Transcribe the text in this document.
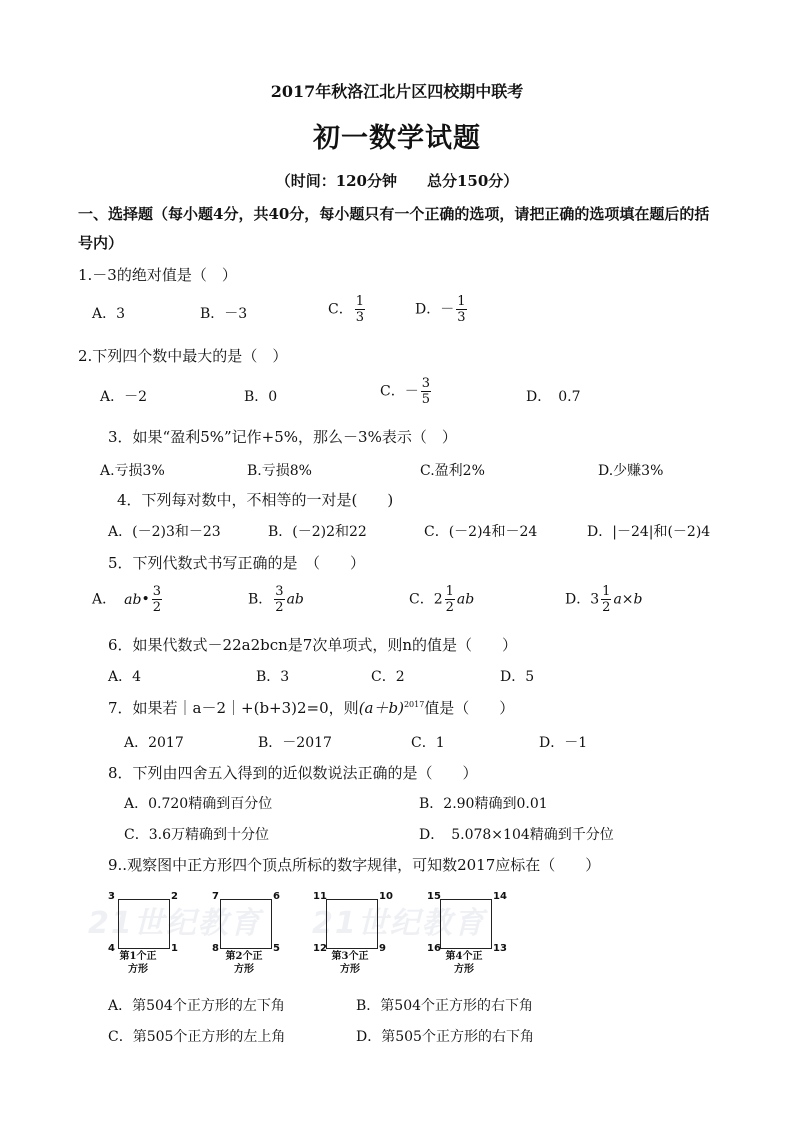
2017年秋洛江北片区四校期中联考
初一数学试题
（时间：120分钟　　总分150分）
一、选择题（每小题4分，共40分，每小题只有一个正确的选项，请把正确的选项填在题后的括号内）
1.－3的绝对值是（　）
A．3	B．－3	C． $\frac{1}{3}$	D．－ $\frac{1}{3}$
2.下列四个数中最大的是（　）
A．－2	B．0	C．－ $\frac{3}{5}$	D．　0.7
3．如果“盈利5%”记作+5%，那么－3%表示（　）
A.亏损3%	B.亏损8%	C.盈利2%	D.少赚3%
4．下列每对数中，不相等的一对是(　　)
A．(－2)3和－23	B．(－2)2和22	C．(－2)4和－24	D．|－24|和(－2)4
5．下列代数式书写正确的是　（　　）
A． ab• $\frac{3}{2}$	B． $\frac{3}{2}$ ab	C．$2 \frac{1}{2}$ ab	D．$3 \frac{1}{2} a\times b$
6．如果代数式－22a2bcn是7次单项式，则n的值是（　　）
A．4	B．3	C．2	D．5
7．如果若｜a－2｜+(b+3)2=0，则$(a+b)^{2017}$值是（　　）
A．2017	B．－2017	C．1	D．－1
8．下列由四舍五入得到的近似数说法正确的是（　　）
A．0.720精确到百分位	B．2.90精确到0.01
C．3.6万精确到十分位	D．　5.078×104精确到千分位
9..观察图中正方形四个顶点所标的数字规律，可知数2017应标在（　　）
21世纪教育 21世纪教育
3	2
4	1
第1个正方形
7	6
8	5
第2个正方形
11	10
12	9
第3个正方形
15	14
16	13
第4个正方形
A．第504个正方形的左下角	B．第504个正方形的右下角
C．第505个正方形的左上角	D．第505个正方形的右下角
